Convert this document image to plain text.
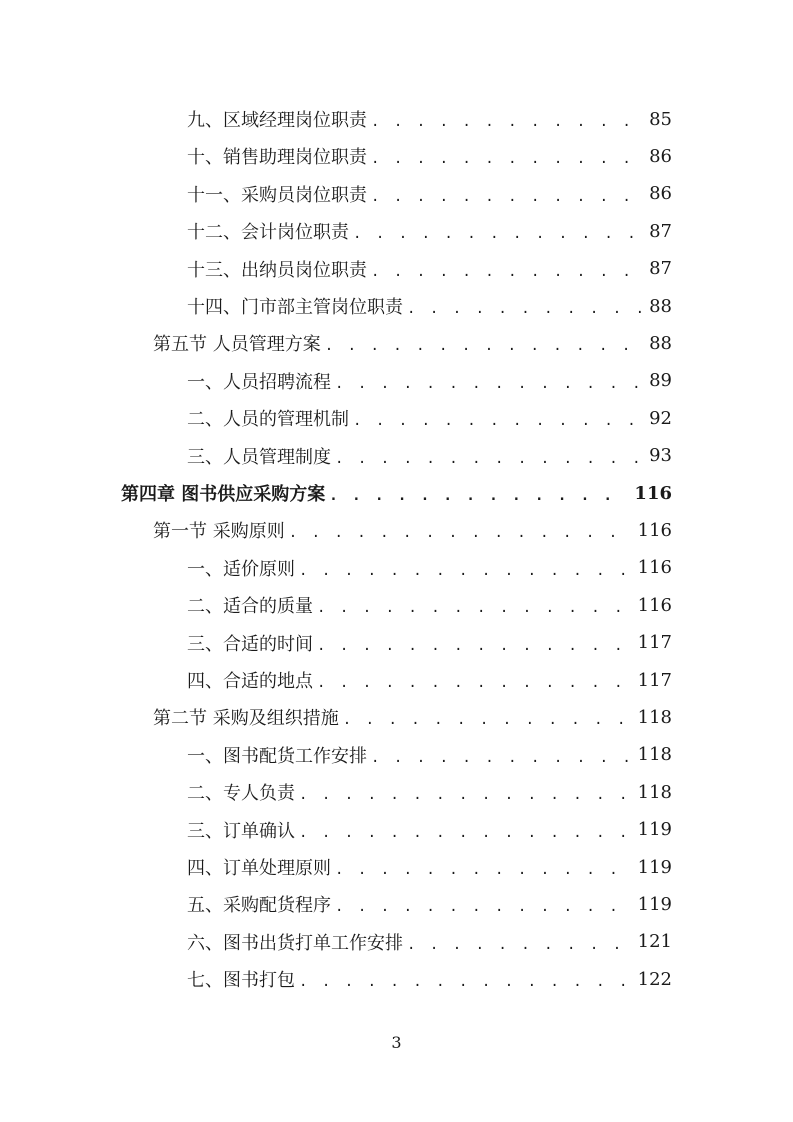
九、区域经理岗位职责 . . .	85
十、销售助理岗位职责 . . .	86
十一、采购员岗位职责 . . .	86
十二、会计岗位职责 . . .	87
十三、出纳员岗位职责 . . .	87
十四、门市部主管岗位职责 . . .	88
第五节 人员管理方案 . . .	88
一、人员招聘流程 . . .	89
二、人员的管理机制 . . .	92
三、人员管理制度 . . .	93
第四章 图书供应采购方案 . . .	116
第一节 采购原则 . . .	116
一、适价原则 . . .	116
二、适合的质量 . . .	116
三、合适的时间 . . .	117
四、合适的地点 . . .	117
第二节 采购及组织措施 . . .	118
一、图书配货工作安排 . . .	118
二、专人负责 . . .	118
三、订单确认 . . .	119
四、订单处理原则 . . .	119
五、采购配货程序 . . .	119
六、图书出货打单工作安排 . . .	121
七、图书打包 . . .	122
3
